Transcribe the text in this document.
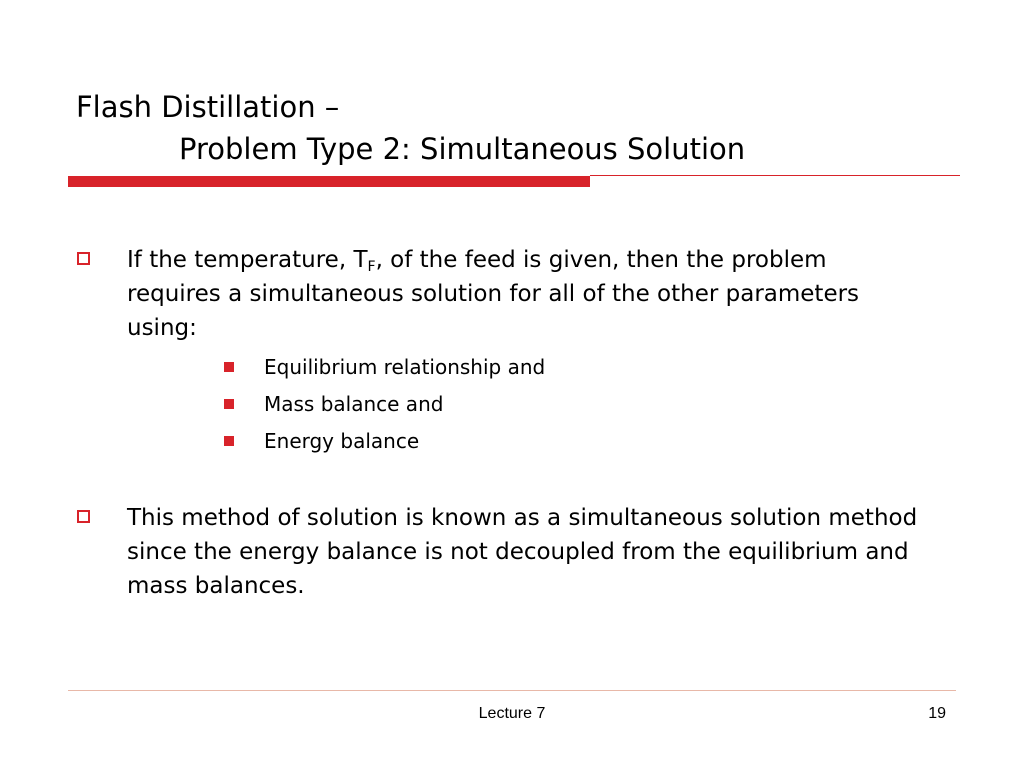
Flash Distillation –
Problem Type 2: Simultaneous Solution
If the temperature, $T_F$, of the feed is given, then the problem requires a simultaneous solution for all of the other parameters using:
Equilibrium relationship and
Mass balance and
Energy balance
This method of solution is known as a simultaneous solution method since the energy balance is not decoupled from the equilibrium and mass balances.
Lecture 7	19
